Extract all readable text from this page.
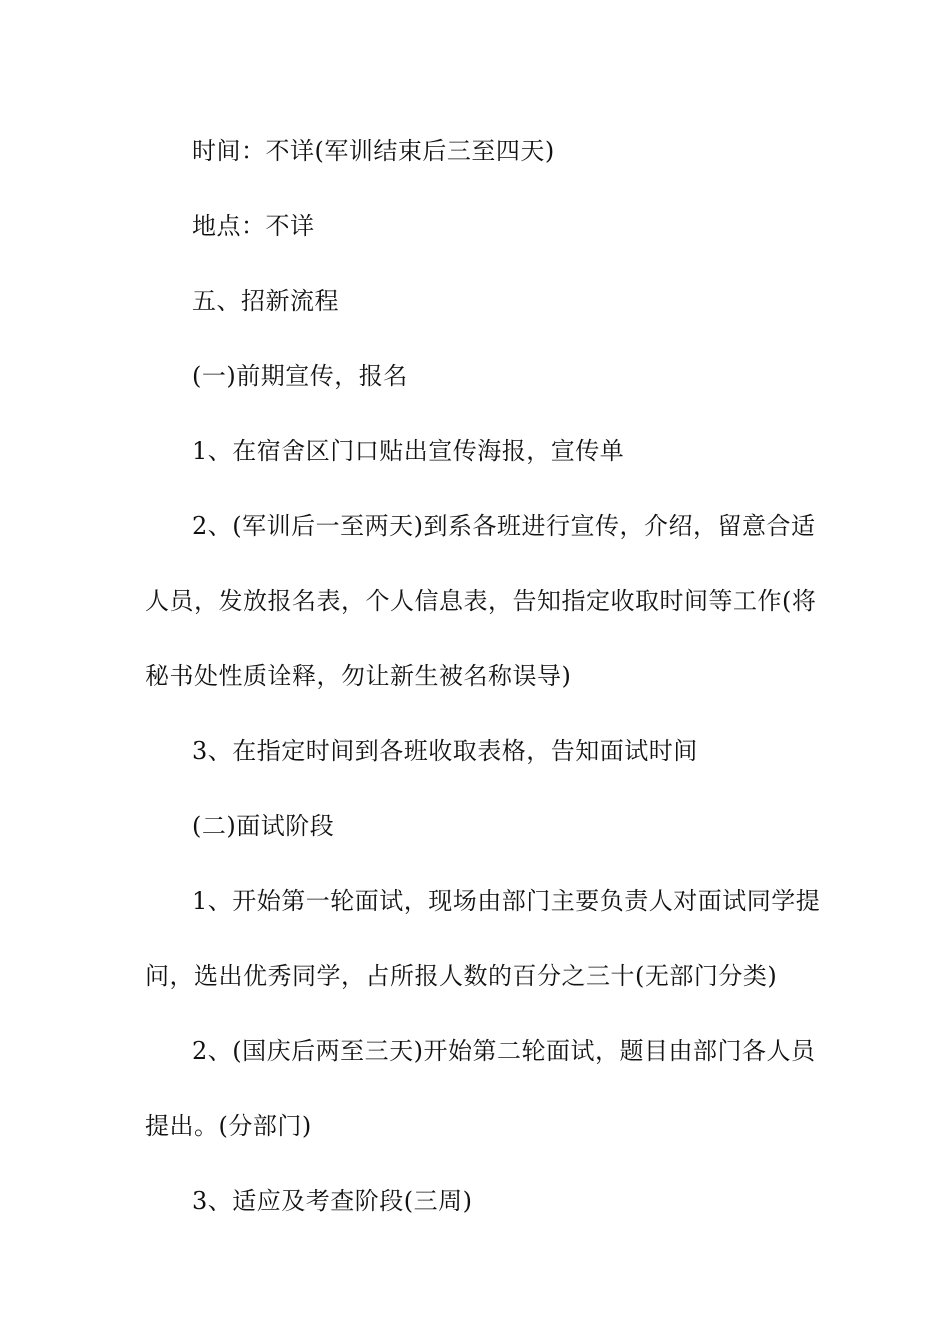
时间：不详(军训结束后三至四天)
地点：不详
五、招新流程
(一)前期宣传，报名
1、在宿舍区门口贴出宣传海报，宣传单
2、(军训后一至两天)到系各班进行宣传，介绍，留意合适
人员，发放报名表，个人信息表，告知指定收取时间等工作(将
秘书处性质诠释，勿让新生被名称误导)
3、在指定时间到各班收取表格，告知面试时间
(二)面试阶段
1、开始第一轮面试，现场由部门主要负责人对面试同学提
问，选出优秀同学，占所报人数的百分之三十(无部门分类)
2、(国庆后两至三天)开始第二轮面试，题目由部门各人员
提出。(分部门)
3、适应及考查阶段(三周)
